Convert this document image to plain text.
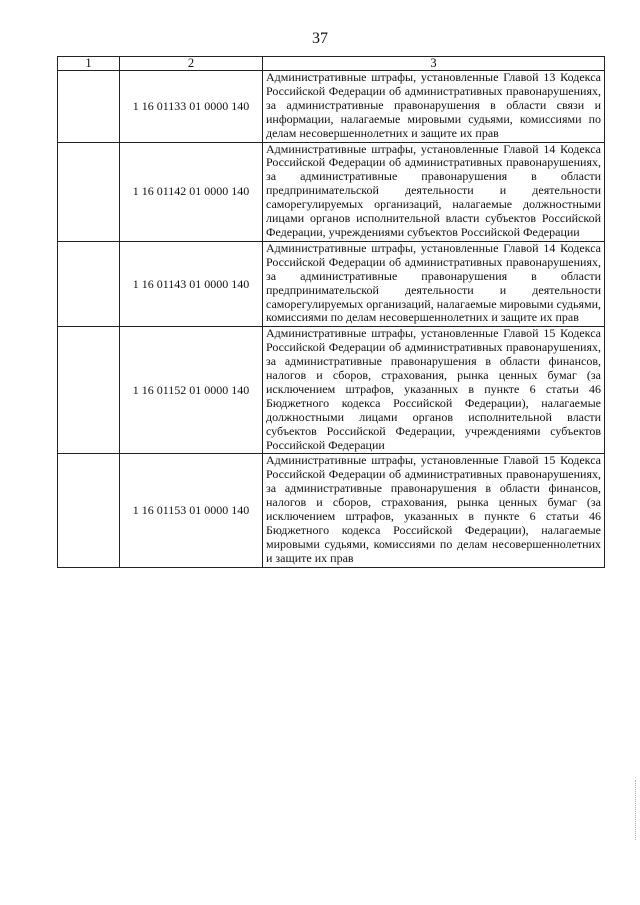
37
1	2	3
	1 16 01133 01 0000 140	Административные штрафы, установленные Главой 13 Кодекса Российской Федерации об административных правонарушениях, за административные правонарушения в области связи и информации, налагаемые мировыми судьями, комиссиями по делам несовершеннолетних и защите их прав
	1 16 01142 01 0000 140	Административные штрафы, установленные Главой 14 Кодекса Российской Федерации об административных правонарушениях, за административные правонарушения в области предпринимательской деятельности и деятельности саморегулируемых организаций, налагаемые должностными лицами органов исполнительной власти субъектов Российской Федерации, учреждениями субъектов Российской Федерации
	1 16 01143 01 0000 140	Административные штрафы, установленные Главой 14 Кодекса Российской Федерации об административных правонарушениях, за административные правонарушения в области предпринимательской деятельности и деятельности саморегулируемых организаций, налагаемые мировыми судьями, комиссиями по делам несовершеннолетних и защите их прав
	1 16 01152 01 0000 140	Административные штрафы, установленные Главой 15 Кодекса Российской Федерации об административных правонарушениях, за административные правонарушения в области финансов, налогов и сборов, страхования, рынка ценных бумаг (за исключением штрафов, указанных в пункте 6 статьи 46 Бюджетного кодекса Российской Федерации), налагаемые должностными лицами органов исполнительной власти субъектов Российской Федерации, учреждениями субъектов Российской Федерации
	1 16 01153 01 0000 140	Административные штрафы, установленные Главой 15 Кодекса Российской Федерации об административных правонарушениях, за административные правонарушения в области финансов, налогов и сборов, страхования, рынка ценных бумаг (за исключением штрафов, указанных в пункте 6 статьи 46 Бюджетного кодекса Российской Федерации), налагаемые мировыми судьями, комиссиями по делам несовершеннолетних и защите их прав
